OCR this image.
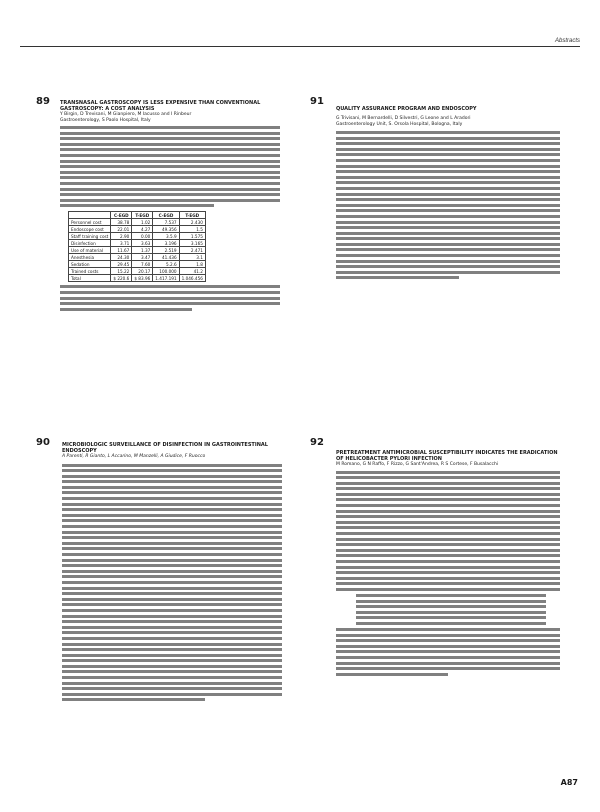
Abstracts
89 TRANSNASAL GASTROSCOPY IS LESS EXPENSIVE THAN CONVENTIONAL GASTROSCOPY: A COST ANALYSIS
Y Birgin, D Trevisani, M Gianpiero, M Iacusso and I Rinbeur
Gastroenterology, S Paolo Hospital, Italy
	C-EGD	T-EGD	C-EGD	T-EGD
Personnel cost	38.78	1.02	7.537	2.430
Endoscope cost	22.01	4.27	49.356	1.5
Staff training cost	2.90	0.00	3.5.9	1.575
Disinfection	3.71	3.63	3.196	3.165
Use of material	11.67	1.37	2.519	2.471
Anesthesia	24.30	3.47	41.436	3.1
Sedation	29.45	7.60	5.2.6	1.8
Trained costs	15.22	20.17	100.000	41.2
Total	$ 220.6	$ 83.96	1.417.191	1.046.456
91
QUALITY ASSURANCE PROGRAM AND ENDOSCOPY
G Trivisani, M Bernardelli, D Silvestri, G Leone and L Aradori
Gastroenterology Unit, S. Orsola Hospital, Bologna, Italy
90 MICROBIOLOGIC SURVEILLANCE OF DISINFECTION IN GASTROINTESTINAL ENDOSCOPY
A Parenti, R Gianto, L Accarino, M Manzelli, A Giudice, F Ruocco
92
PRETREATMENT ANTIMICROBIAL SUSCEPTIBILITY INDICATES THE ERADICATION OF HELICOBACTER PYLORI INFECTION
M Romano, G N Raffo, F Rizzo, G Sant'Andrea, R S Cortese, F Busalacchi
A87
